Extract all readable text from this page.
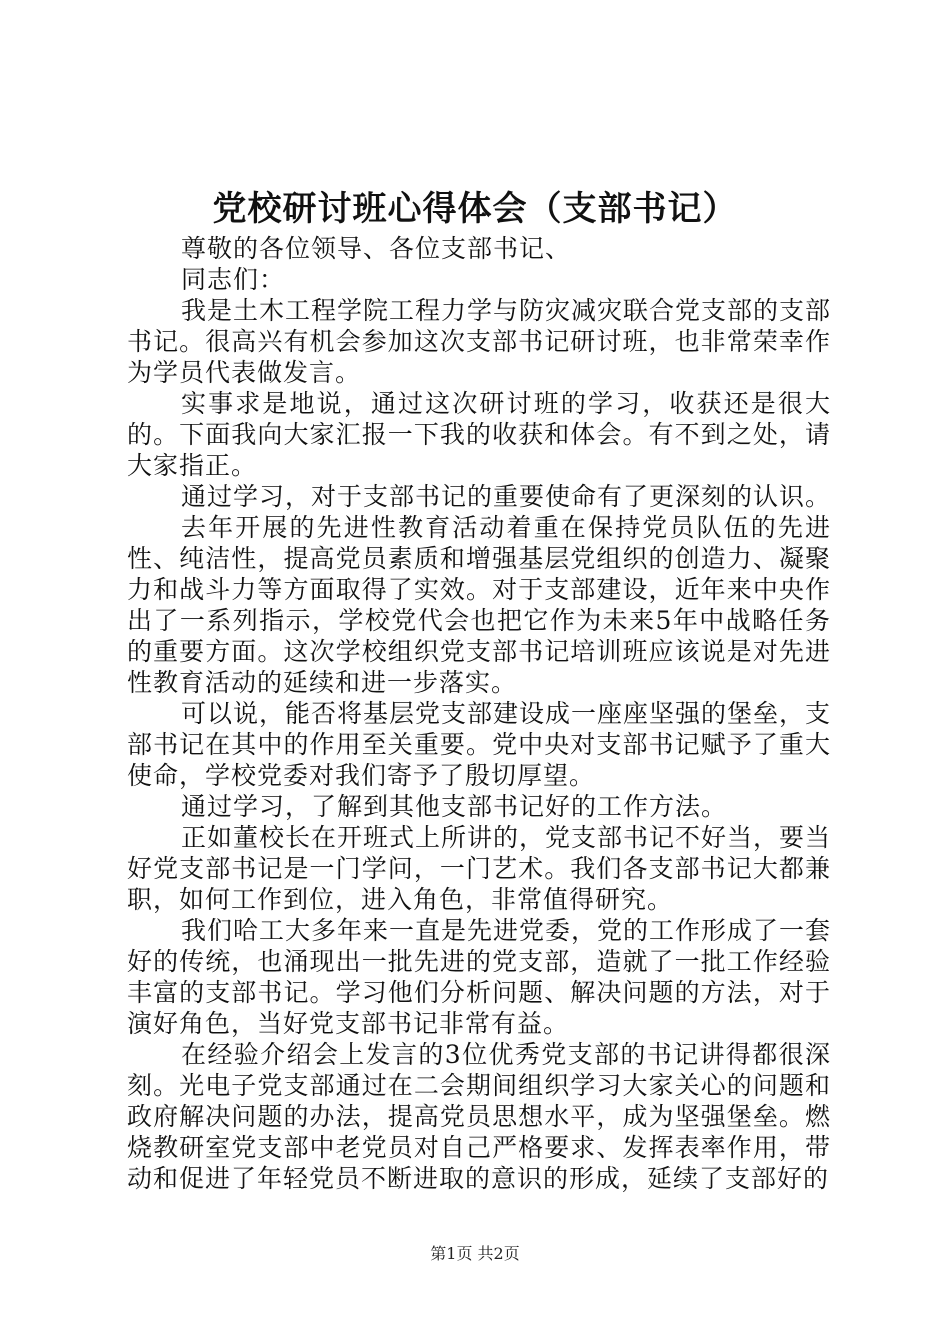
党校研讨班心得体会（支部书记）

尊敬的各位领导、各位支部书记、

同志们：

我是土木工程学院工程力学与防灾减灾联合党支部的支部书记。很高兴有机会参加这次支部书记研讨班，也非常荣幸作为学员代表做发言。

实事求是地说，通过这次研讨班的学习，收获还是很大的。下面我向大家汇报一下我的收获和体会。有不到之处，请大家指正。

通过学习，对于支部书记的重要使命有了更深刻的认识。

去年开展的先进性教育活动着重在保持党员队伍的先进性、纯洁性，提高党员素质和增强基层党组织的创造力、凝聚力和战斗力等方面取得了实效。对于支部建设，近年来中央作出了一系列指示，学校党代会也把它作为未来5年中战略任务的重要方面。这次学校组织党支部书记培训班应该说是对先进性教育活动的延续和进一步落实。

可以说，能否将基层党支部建设成一座座坚强的堡垒，支部书记在其中的作用至关重要。党中央对支部书记赋予了重大使命，学校党委对我们寄予了殷切厚望。

通过学习，了解到其他支部书记好的工作方法。

正如董校长在开班式上所讲的，党支部书记不好当，要当好党支部书记是一门学问，一门艺术。我们各支部书记大都兼职，如何工作到位，进入角色，非常值得研究。

我们哈工大多年来一直是先进党委，党的工作形成了一套好的传统，也涌现出一批先进的党支部，造就了一批工作经验丰富的支部书记。学习他们分析问题、解决问题的方法，对于演好角色，当好党支部书记非常有益。

在经验介绍会上发言的3位优秀党支部的书记讲得都很深刻。光电子党支部通过在二会期间组织学习大家关心的问题和政府解决问题的办法，提高党员思想水平，成为坚强堡垒。燃烧教研室党支部中老党员对自己严格要求、发挥表率作用，带动和促进了年轻党员不断进取的意识的形成，延续了支部好的

第1页 共2页
